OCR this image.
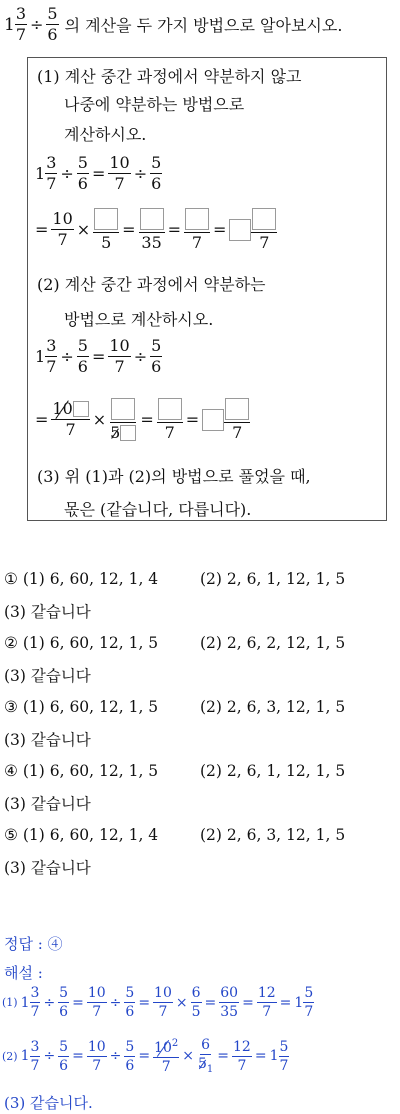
$1 \frac{3}{7} \div \frac{5}{6}$ 의 계산을 두 가지 방법으로 알아보시오.
(1) 계산 중간 과정에서 약분하지 않고
나중에 약분하는 방법으로
계산하시오.
$1 \frac{3}{7} \div \frac{5}{6} = \frac{10}{7} \div \frac{5}{6}$
= $\frac{10}{7}$ ×
5
=
35
=
7
=
7
(2) 계산 중간 과정에서 약분하는
방법으로 계산하시오.
$1 \frac{3}{7} \div \frac{5}{6} = \frac{10}{7} \div \frac{5}{6}$
= $\frac{10}{7}$ ×
5
=
7
=
7
(3) 위 (1)과 (2)의 방법으로 풀었을 때,
몫은 (같습니다, 다릅니다).
① (1) 6, 60, 12, 1, 4	(2) 2, 6, 1, 12, 1, 5
(3) 같습니다
② (1) 6, 60, 12, 1, 5	(2) 2, 6, 2, 12, 1, 5
(3) 같습니다
③ (1) 6, 60, 12, 1, 5	(2) 2, 6, 3, 12, 1, 5
(3) 같습니다
④ (1) 6, 60, 12, 1, 5	(2) 2, 6, 1, 12, 1, 5
(3) 같습니다
⑤ (1) 6, 60, 12, 1, 4	(2) 2, 6, 3, 12, 1, 5
(3) 같습니다
정답 : ④
해설 :
(1) $1 \frac{3}{7} \div \frac{5}{6} = \frac{10}{7} \div \frac{5}{6} = \frac{10}{7} \times \frac{6}{5} = \frac{60}{35} = \frac{12}{7} = 1 \frac{5}{7}$
(2) $1 \frac{3}{7} \div \frac{5}{6} = \frac{10}{7} \div \frac{5}{6} = \frac{10^2}{7} \times \frac{6}{5_1} = \frac{12}{7} = 1 \frac{5}{7}$
(3) 같습니다.
